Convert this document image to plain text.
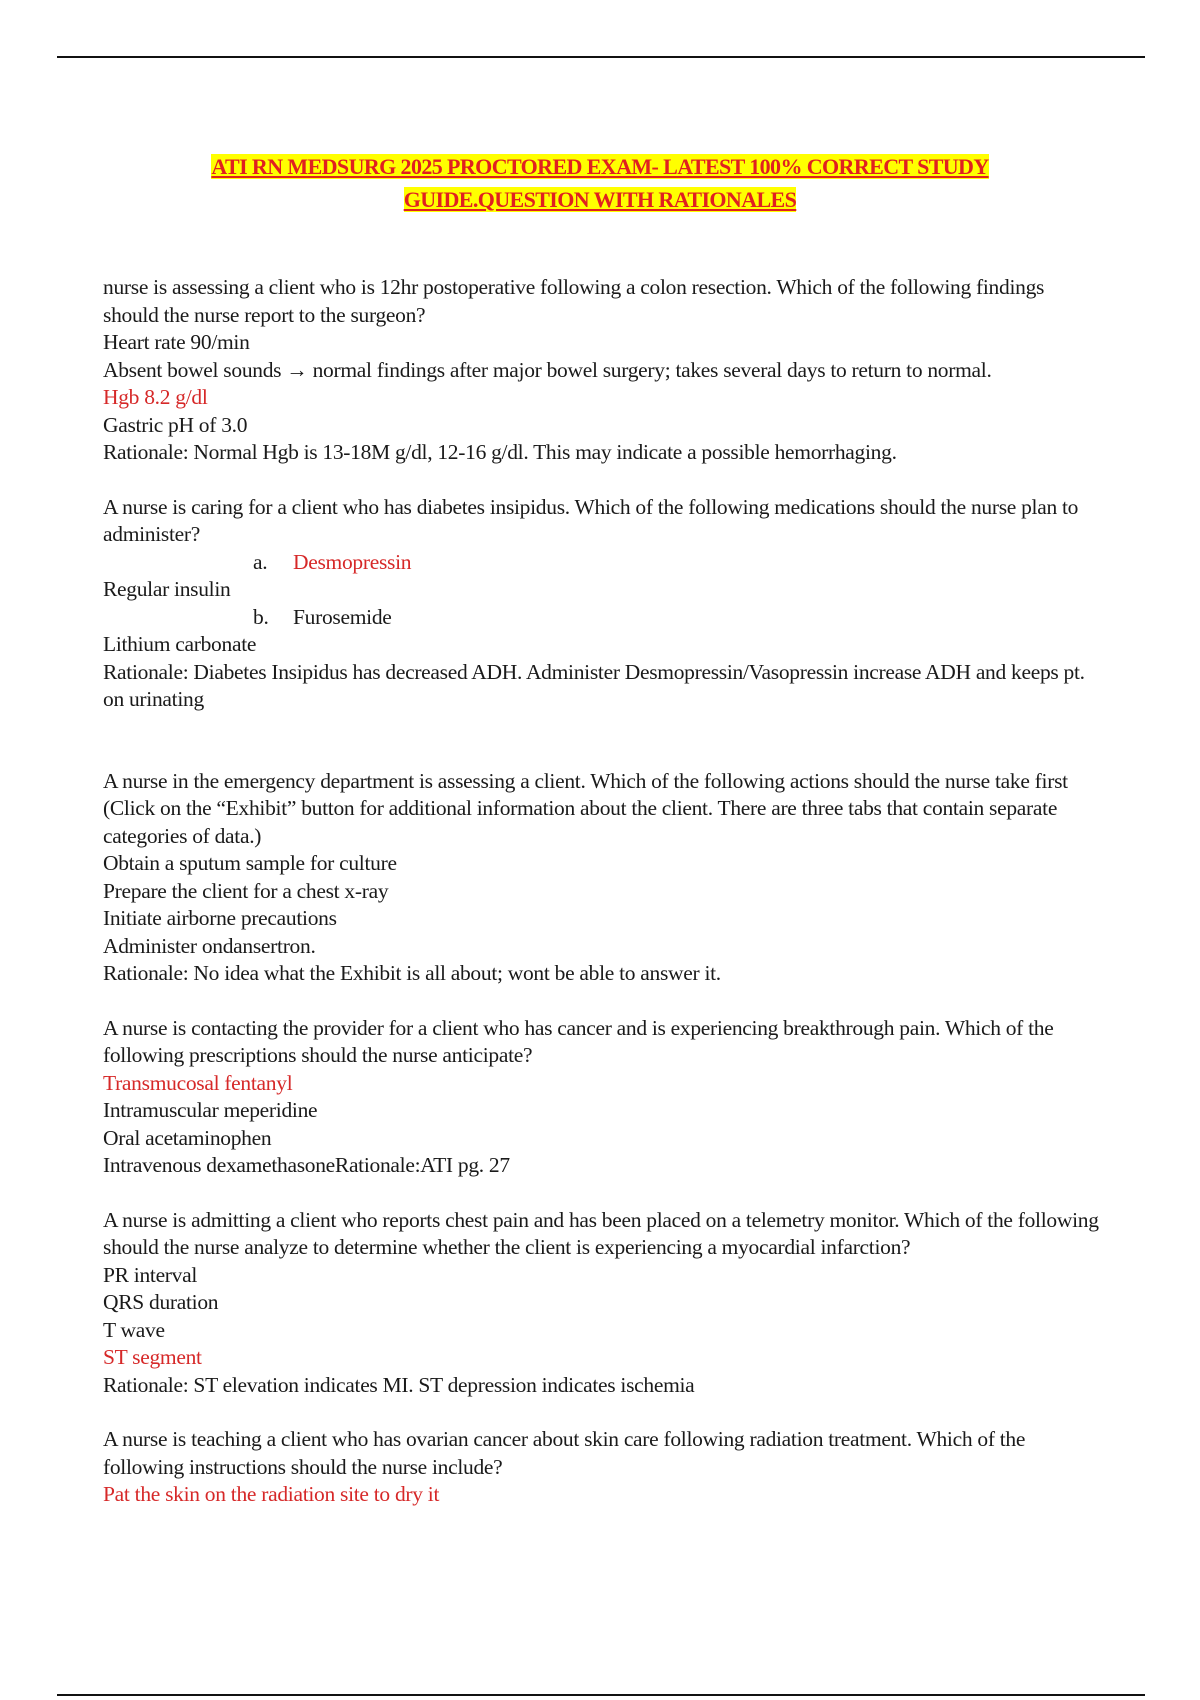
ATI RN MEDSURG 2025 PROCTORED EXAM- LATEST 100% CORRECT STUDY
GUIDE.QUESTION WITH RATIONALES

nurse is assessing a client who is 12hr postoperative following a colon resection. Which of the following findings should the nurse report to the surgeon?

Heart rate 90/min

Absent bowel sounds → normal findings after major bowel surgery; takes several days to return to normal.

Hgb 8.2 g/dl

Gastric pH of 3.0

Rationale: Normal Hgb is 13-18M g/dl, 12-16 g/dl. This may indicate a possible hemorrhaging.

A nurse is caring for a client who has diabetes insipidus. Which of the following medications should the nurse plan to administer?

a. Desmopressin

Regular insulin

b. Furosemide

Lithium carbonate

Rationale: Diabetes Insipidus has decreased ADH. Administer Desmopressin/Vasopressin increase ADH and keeps pt. on urinating

A nurse in the emergency department is assessing a client. Which of the following actions should the nurse take first (Click on the “Exhibit” button for additional information about the client. There are three tabs that contain separate categories of data.)

Obtain a sputum sample for culture

Prepare the client for a chest x-ray

Initiate airborne precautions

Administer ondansertron.

Rationale: No idea what the Exhibit is all about; wont be able to answer it.

A nurse is contacting the provider for a client who has cancer and is experiencing breakthrough pain. Which of the following prescriptions should the nurse anticipate?

Transmucosal fentanyl

Intramuscular meperidine

Oral acetaminophen

Intravenous dexamethasoneRationale:ATI pg. 27

A nurse is admitting a client who reports chest pain and has been placed on a telemetry monitor. Which of the following should the nurse analyze to determine whether the client is experiencing a myocardial infarction?

PR interval

QRS duration

T wave

ST segment

Rationale: ST elevation indicates MI. ST depression indicates ischemia

A nurse is teaching a client who has ovarian cancer about skin care following radiation treatment. Which of the following instructions should the nurse include?

Pat the skin on the radiation site to dry it
